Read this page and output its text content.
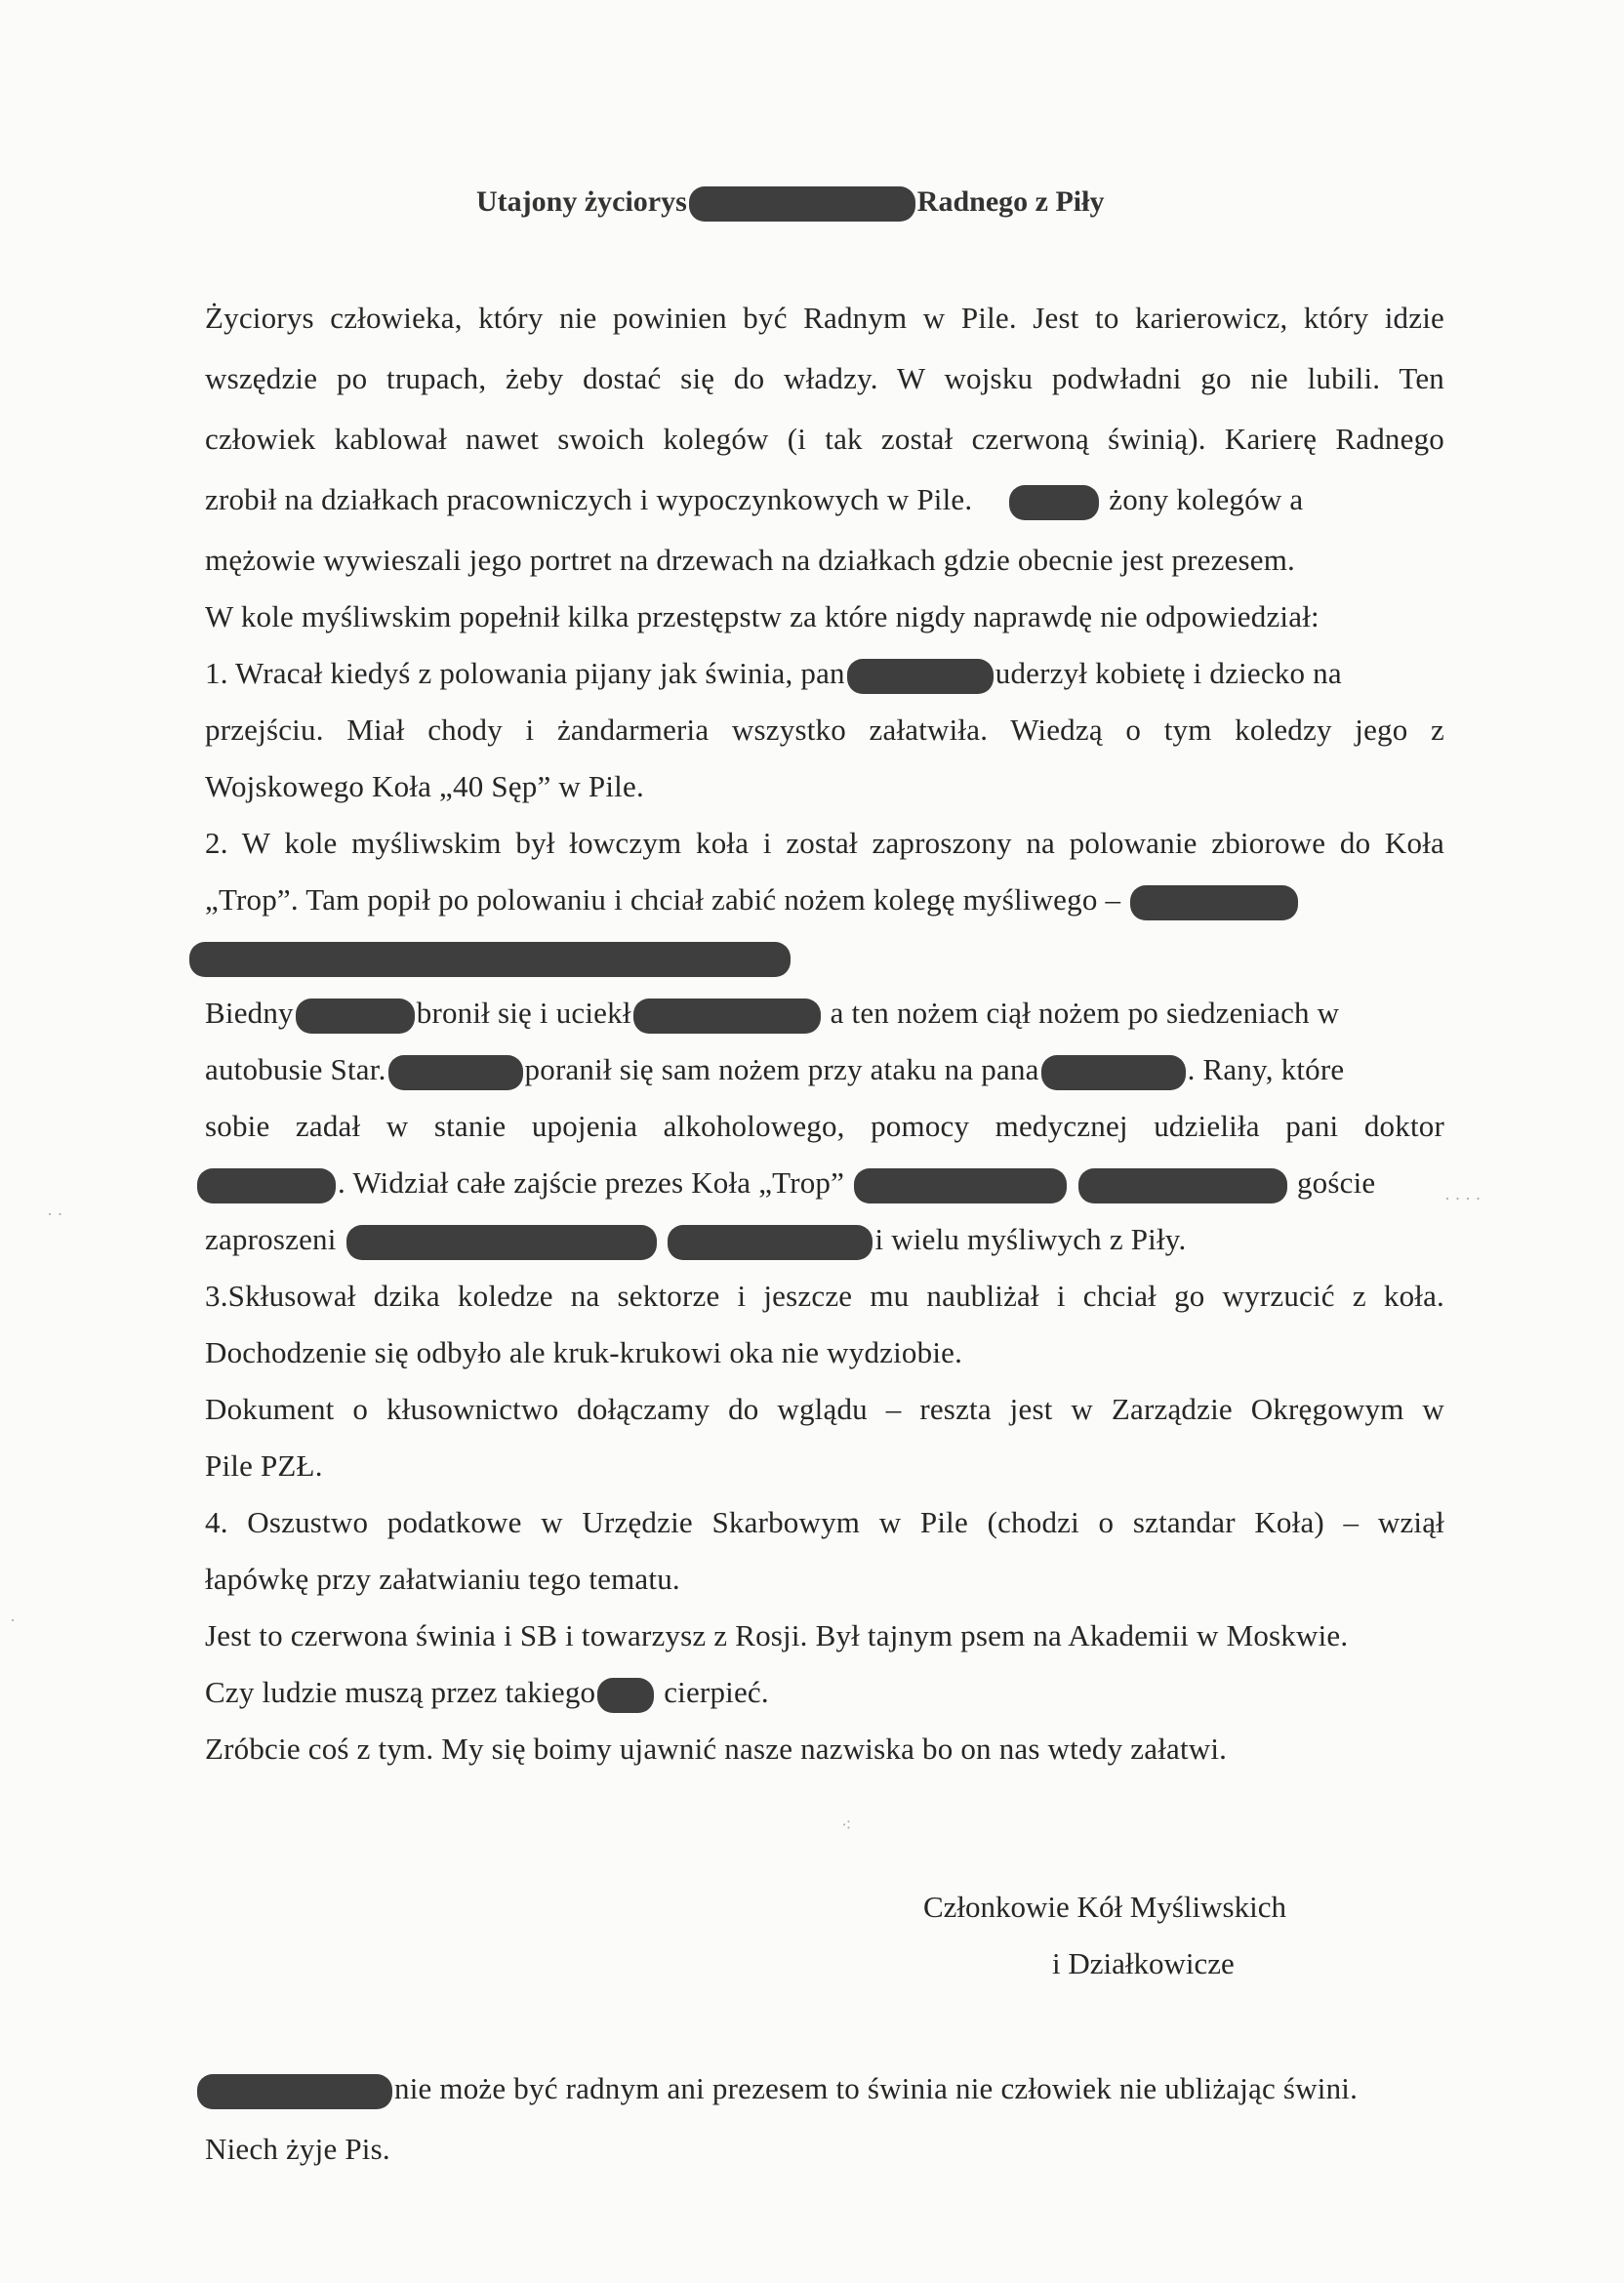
Utajony życiorys	Radnego z Piły
Życiorys człowieka, który nie powinien być Radnym w Pile. Jest to karierowicz, który idzie
wszędzie po trupach, żeby dostać się do władzy. W wojsku podwładni go nie lubili. Ten
człowiek kablował nawet swoich kolegów (i tak został czerwoną świnią). Karierę Radnego
zrobił na działkach pracowniczych i wypoczynkowych w Pile.	żony kolegów a
mężowie wywieszali jego portret na drzewach na działkach gdzie obecnie jest prezesem.
W kole myśliwskim popełnił kilka przestępstw za które nigdy naprawdę nie odpowiedział:
1. Wracał kiedyś z polowania pijany jak świnia, pan	uderzył kobietę i dziecko na
przejściu. Miał chody i żandarmeria wszystko załatwiła. Wiedzą o tym koledzy jego z
Wojskowego Koła „40 Sęp” w Pile.
2. W kole myśliwskim był łowczym koła i został zaproszony na polowanie zbiorowe do Koła
„Trop”. Tam popił po polowaniu i chciał zabić nożem kolegę myśliwego –
Biedny	bronił się i uciekł	a ten nożem ciął nożem po siedzeniach w
autobusie Star.	poranił się sam nożem przy ataku na pana	. Rany, które
sobie zadał w stanie upojenia alkoholowego, pomocy medycznej udzieliła pani doktor
. Widział całe zajście prezes Koła „Trop”	goście
zaproszeni	i wielu myśliwych z Piły.
3.Skłusował dzika koledze na sektorze i jeszcze mu naubliżał i chciał go wyrzucić z koła.
Dochodzenie się odbyło ale kruk-krukowi oka nie wydziobie.
Dokument o kłusownictwo dołączamy do wglądu – reszta jest w Zarządzie Okręgowym w
Pile PZŁ.
4. Oszustwo podatkowe w Urzędzie Skarbowym w Pile (chodzi o sztandar Koła) – wziął
łapówkę przy załatwianiu tego tematu.
Jest to czerwona świnia i SB i towarzysz z Rosji. Był tajnym psem na Akademii w Moskwie.
Czy ludzie muszą przez takiego cierpieć.
Zróbcie coś z tym. My się boimy ujawnić nasze nazwiska bo on nas wtedy załatwi.
Członkowie Kół Myśliwskich
i Działkowicze
nie może być radnym ani prezesem to świnia nie człowiek nie ubliżając świni.
Niech żyje Pis.
· ·
· · · ·
⁖
·
